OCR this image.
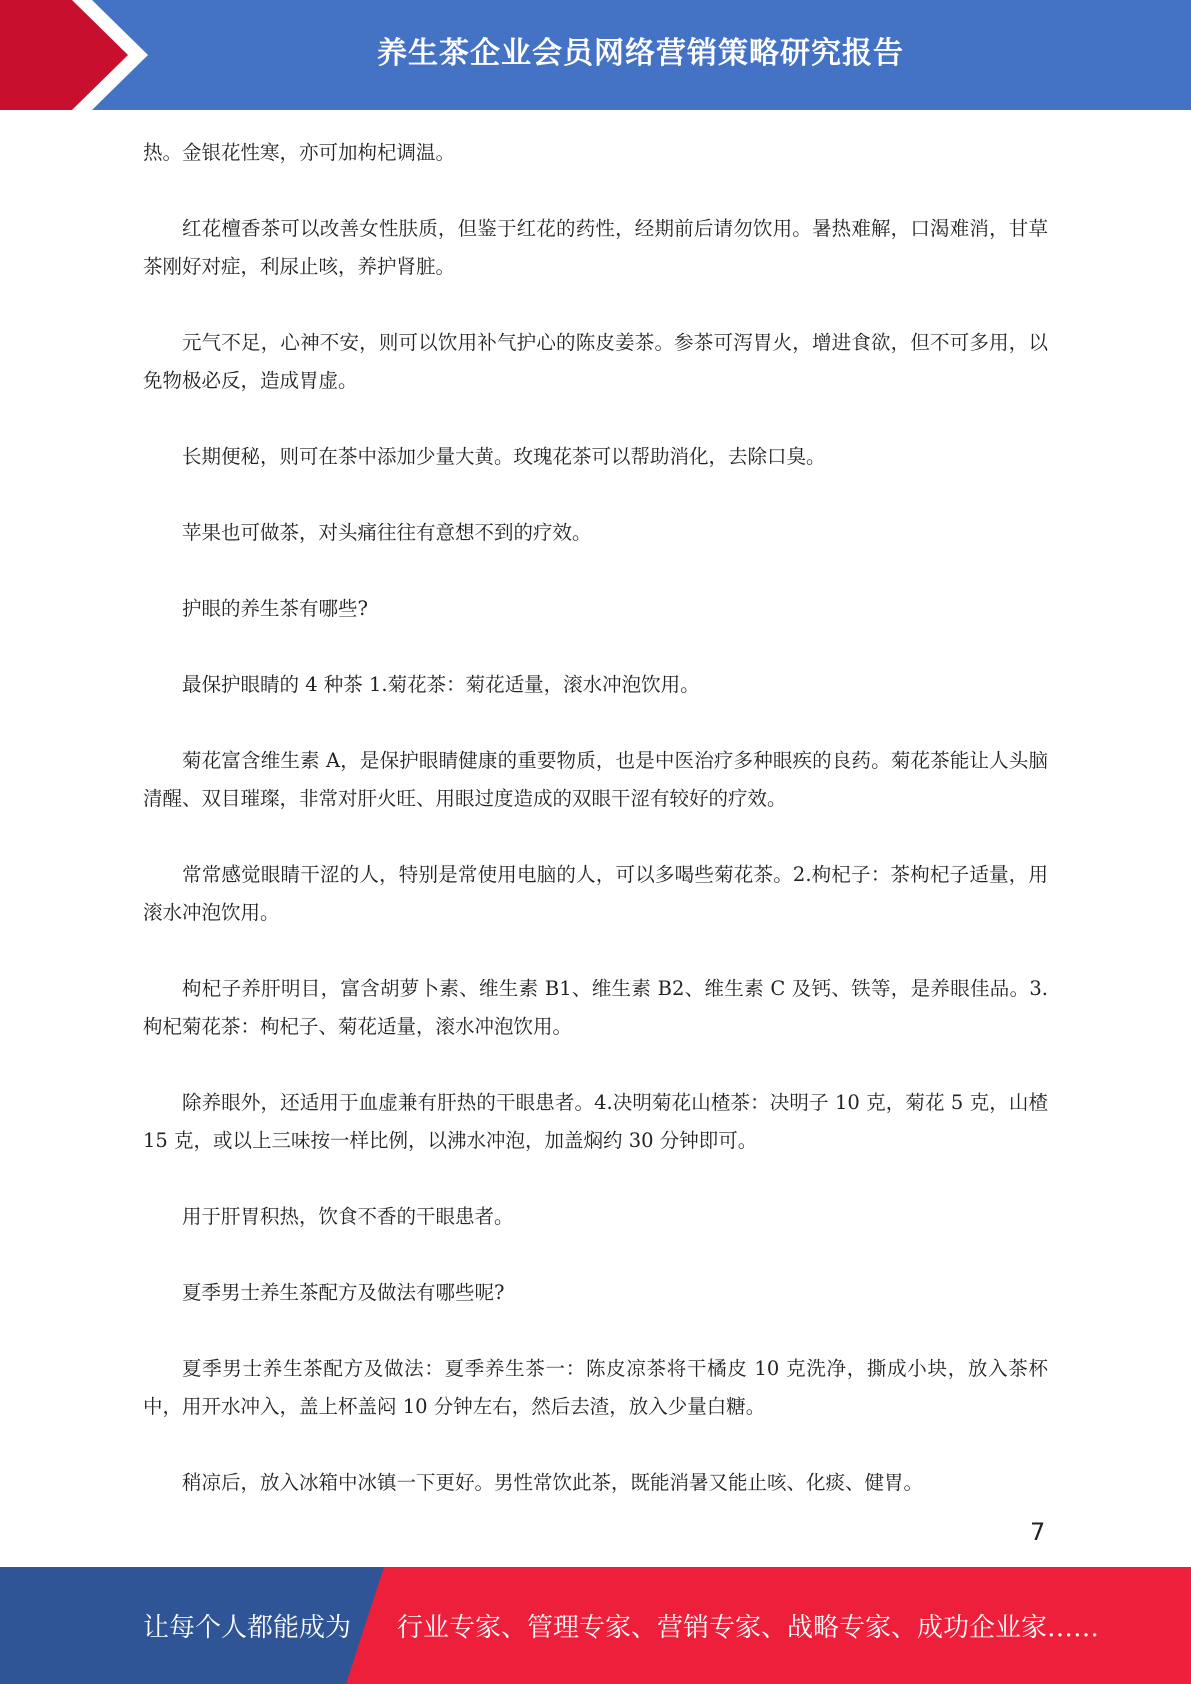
养生茶企业会员网络营销策略研究报告

热。金银花性寒，亦可加枸杞调温。

红花檀香茶可以改善女性肤质，但鉴于红花的药性，经期前后请勿饮用。暑热难解，口渴难消，甘草茶刚好对症，利尿止咳，养护肾脏。

元气不足，心神不安，则可以饮用补气护心的陈皮姜茶。参茶可泻胃火，增进食欲，但不可多用，以免物极必反，造成胃虚。

长期便秘，则可在茶中添加少量大黄。玫瑰花茶可以帮助消化，去除口臭。

苹果也可做茶，对头痛往往有意想不到的疗效。

护眼的养生茶有哪些?

最保护眼睛的 4 种茶 1.菊花茶：菊花适量，滚水冲泡饮用。

菊花富含维生素 A，是保护眼睛健康的重要物质，也是中医治疗多种眼疾的良药。菊花茶能让人头脑清醒、双目璀璨，非常对肝火旺、用眼过度造成的双眼干涩有较好的疗效。

常常感觉眼睛干涩的人，特别是常使用电脑的人，可以多喝些菊花茶。2.枸杞子：茶枸杞子适量，用滚水冲泡饮用。

枸杞子养肝明目，富含胡萝卜素、维生素 B1、维生素 B2、维生素 C 及钙、铁等，是养眼佳品。3.枸杞菊花茶：枸杞子、菊花适量，滚水冲泡饮用。

除养眼外，还适用于血虚兼有肝热的干眼患者。4.决明菊花山楂茶：决明子 10 克，菊花 5 克，山楂 15 克，或以上三味按一样比例，以沸水冲泡，加盖焖约 30 分钟即可。

用于肝胃积热，饮食不香的干眼患者。

夏季男士养生茶配方及做法有哪些呢?

夏季男士养生茶配方及做法：夏季养生茶一：陈皮凉茶将干橘皮 10 克洗净，撕成小块，放入茶杯中，用开水冲入，盖上杯盖闷 10 分钟左右，然后去渣，放入少量白糖。

稍凉后，放入冰箱中冰镇一下更好。男性常饮此茶，既能消暑又能止咳、化痰、健胃。

7
让每个人都能成为 行业专家、管理专家、营销专家、战略专家、成功企业家……
